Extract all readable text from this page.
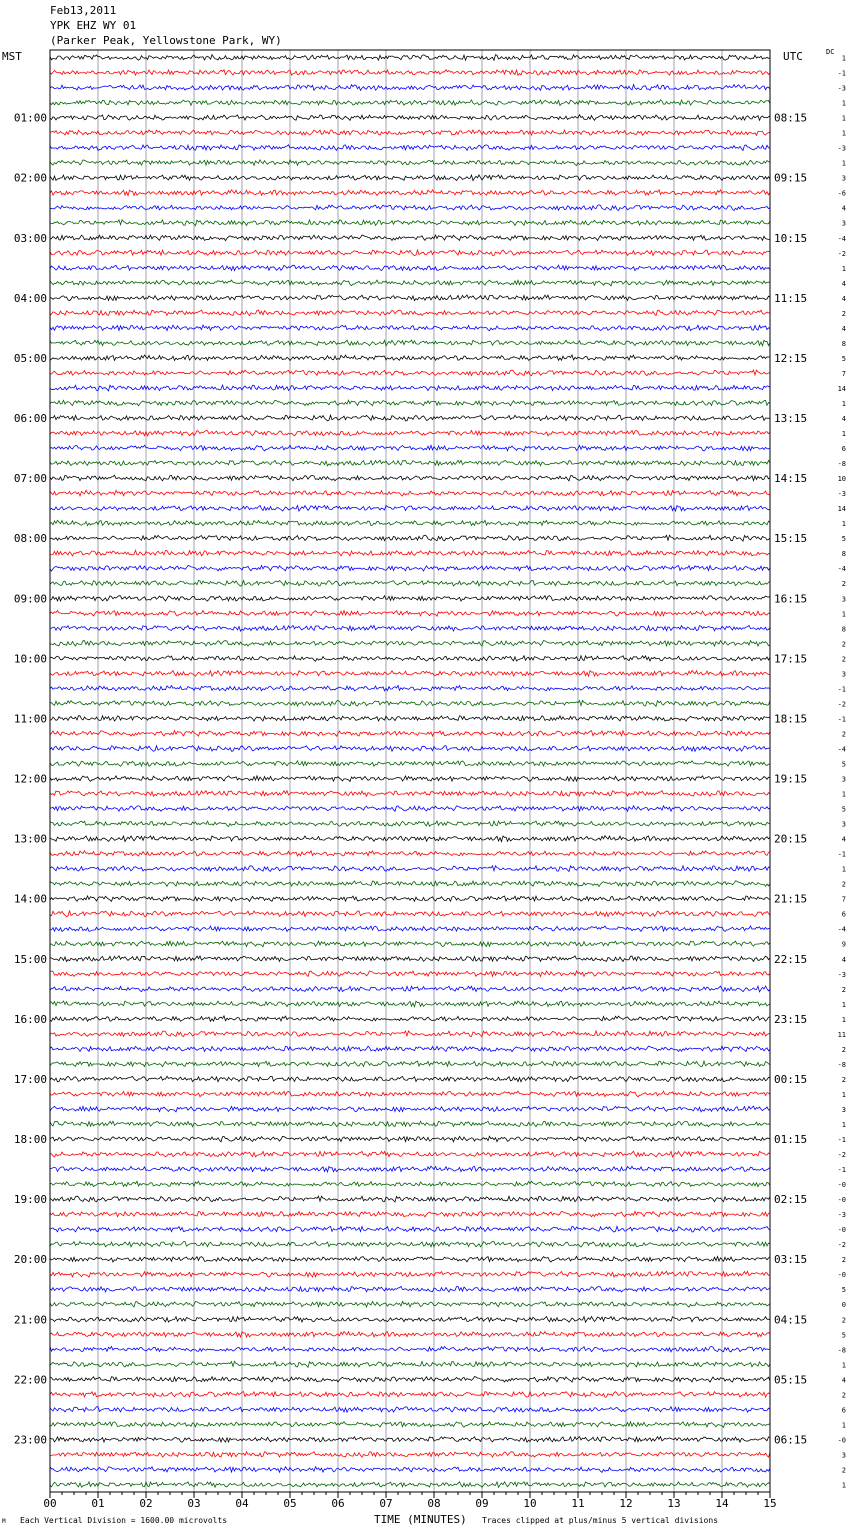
00	01	02	03	04	05	06	07	08	09	10	11	12	13	14	15
01:00
02:00
03:00
04:00
05:00
06:00
07:00
08:00
09:00
10:00
11:00
12:00
13:00
14:00
15:00
16:00
17:00
18:00
19:00
20:00
21:00
22:00
23:00
08:15
09:15
10:15
11:15
12:15
13:15
14:15
15:15
16:15
17:15
18:15
19:15
20:15
21:15
22:15
23:15
00:15
01:15
02:15
03:15
04:15
05:15
06:15
1
-1
-3
1
1
1
-3
1
3
-6
4
3
-4
-2
1
4
4
2
4
8
5
7
14
1
4
1
6
-8
10
-3
14
1
5
8
-4
2
3
1
8
2
2
3
-1
-2
-1
2
-4
5
3
1
5
3
4
-1
1
2
7
6
-4
9
4
-3
2
1
1
11
2
-8
2
1
3
1
-1
-2
-1
-0
-0
-3
-0
-2
2
-0
5
0
2
5
-8
1
4
2
6
1
-0
3
2
1
Feb13,2011
YPK EHZ WY 01
(Parker Peak, Yellowstone Park, WY)
MST	UTC	DC
M Each Vertical Division = 1600.00 microvolts	TIME (MINUTES) Traces clipped at plus/minus 5 vertical divisions
